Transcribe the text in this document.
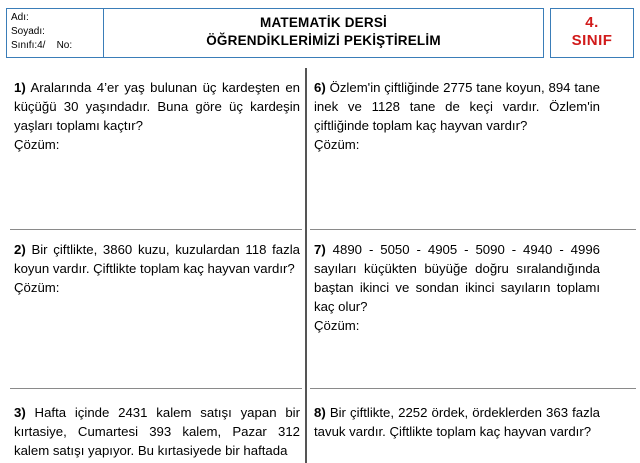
Adı:
Soyadı:
Sınıfı:4/    No:
MATEMATİK DERSİ
ÖĞRENDİKLERİMİZİ PEKİŞTİRELİM
4.
SINIF
1) Aralarında 4’er yaş bulunan üç kardeşten en küçüğü 30 yaşındadır. Buna göre üç kardeşin yaşları toplamı kaçtır?
Çözüm:
2) Bir çiftlikte, 3860 kuzu, kuzulardan 118 fazla koyun vardır. Çiftlikte toplam kaç hayvan vardır?
Çözüm:
3) Hafta içinde 2431 kalem satışı yapan bir kırtasiye, Cumartesi 393 kalem, Pazar 312 kalem satışı yapıyor. Bu kırtasiyede bir haftada
6) Özlem'in çiftliğinde 2775 tane koyun, 894 tane inek ve 1128 tane de keçi vardır. Özlem'in çiftliğinde toplam kaç hayvan vardır?
Çözüm:
7) 4890 - 5050 - 4905 - 5090 - 4940 - 4996 sayıları küçükten büyüğe doğru sıralandığında baştan ikinci ve sondan ikinci sayıların toplamı kaç olur?
Çözüm:
8) Bir çiftlikte, 2252 ördek, ördeklerden 363 fazla tavuk vardır. Çiftlikte toplam kaç hayvan vardır?
